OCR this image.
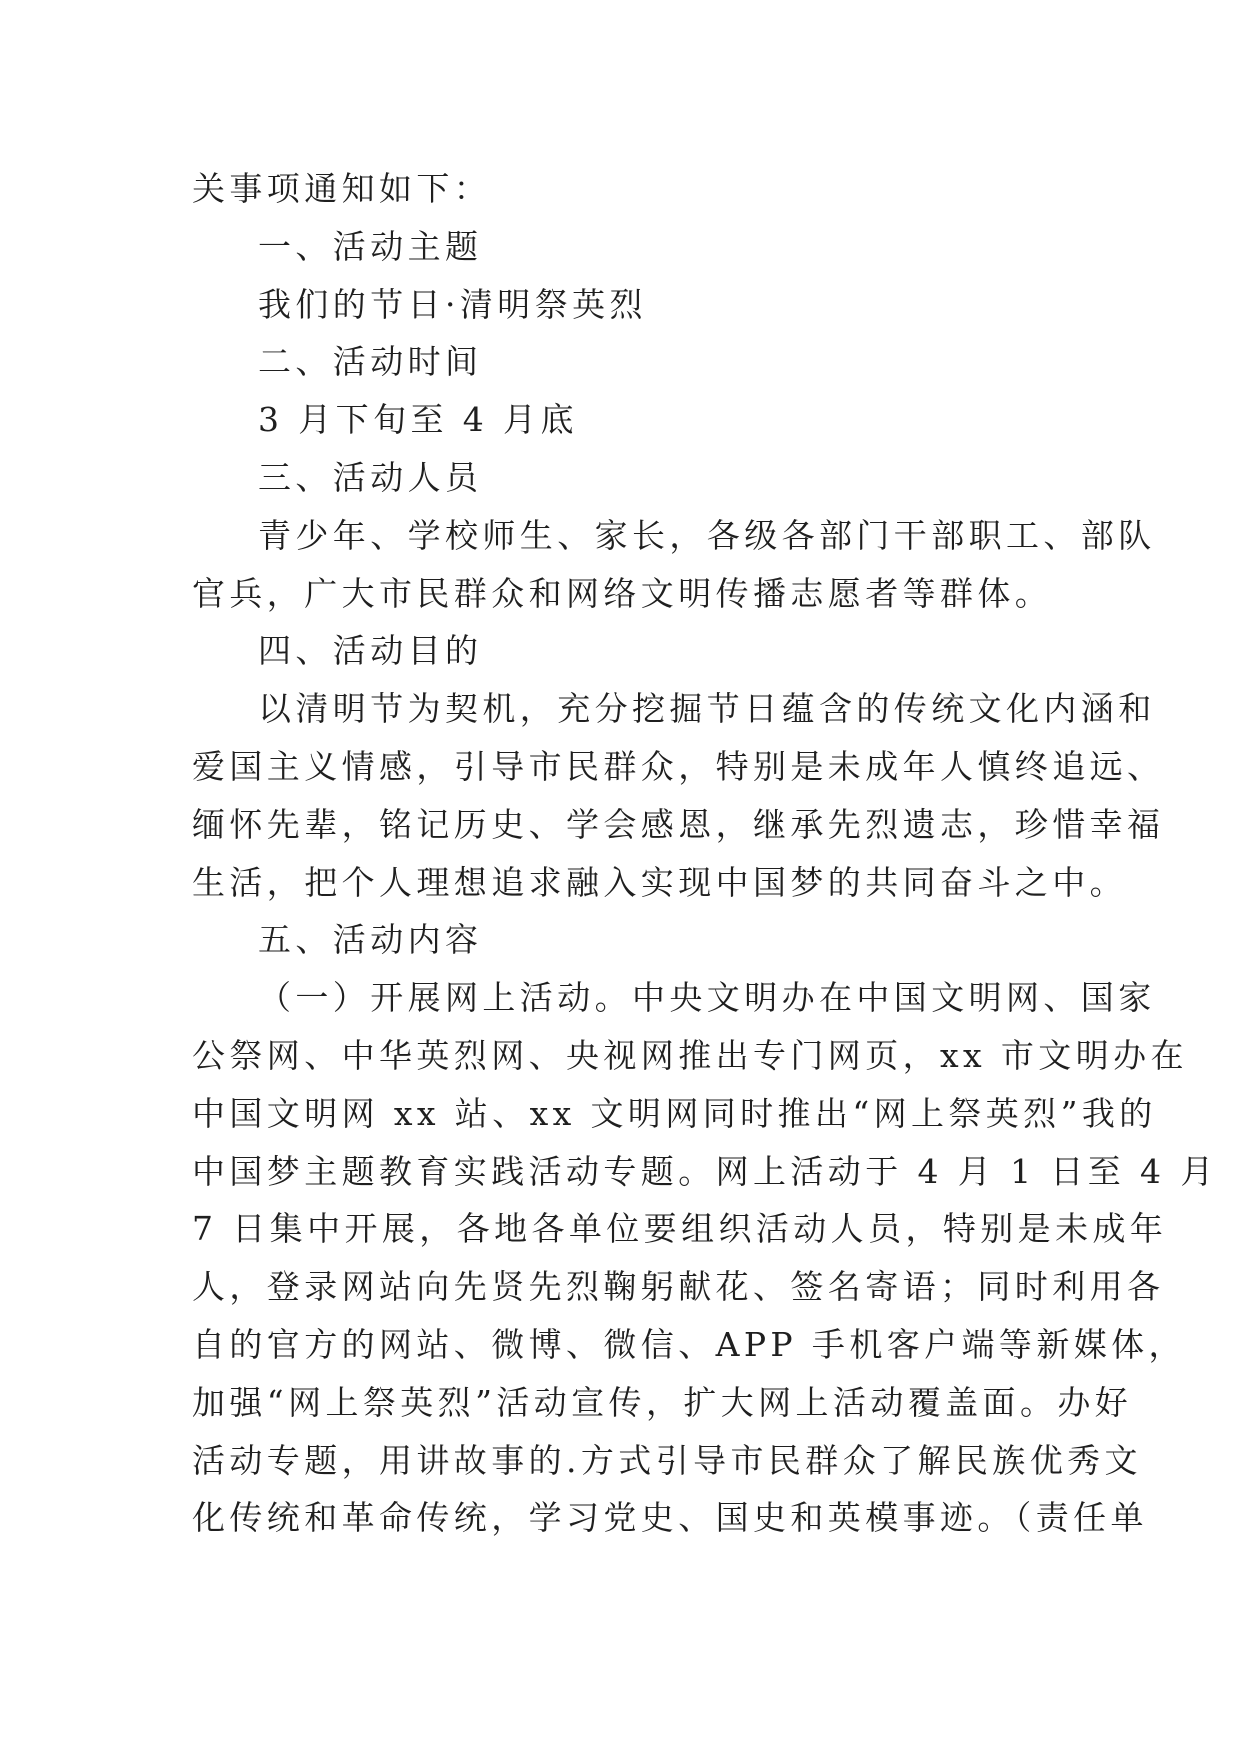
关事项通知如下：
一、活动主题
我们的节日·清明祭英烈
二、活动时间
3 月下旬至 4 月底
三、活动人员
青少年、学校师生、家长，各级各部门干部职工、部队
官兵，广大市民群众和网络文明传播志愿者等群体。
四、活动目的
以清明节为契机，充分挖掘节日蕴含的传统文化内涵和
爱国主义情感，引导市民群众，特别是未成年人慎终追远、
缅怀先辈，铭记历史、学会感恩，继承先烈遗志，珍惜幸福
生活，把个人理想追求融入实现中国梦的共同奋斗之中。
五、活动内容
（一）开展网上活动。中央文明办在中国文明网、国家
公祭网、中华英烈网、央视网推出专门网页，xx 市文明办在
中国文明网 xx 站、xx 文明网同时推出“网上祭英烈”我的
中国梦主题教育实践活动专题。网上活动于 4 月 1 日至 4 月
7 日集中开展，各地各单位要组织活动人员，特别是未成年
人，登录网站向先贤先烈鞠躬献花、签名寄语；同时利用各
自的官方的网站、微博、微信、APP 手机客户端等新媒体，
加强“网上祭英烈”活动宣传，扩大网上活动覆盖面。办好
活动专题，用讲故事的.方式引导市民群众了解民族优秀文
化传统和革命传统，学习党史、国史和英模事迹。（责任单
